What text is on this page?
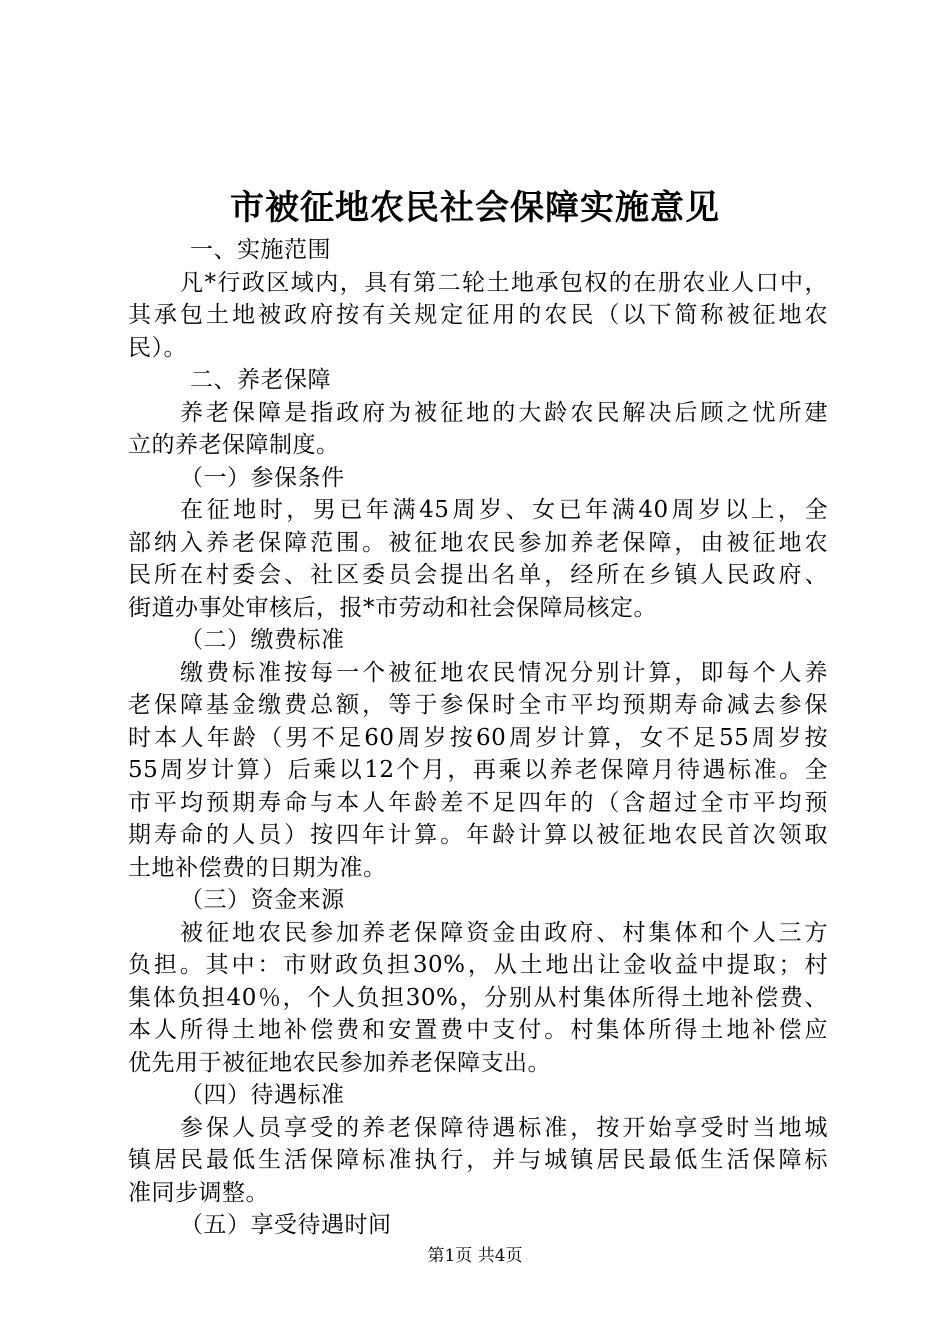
市被征地农民社会保障实施意见
一、实施范围
凡*行政区域内，具有第二轮土地承包权的在册农业人口中，
其承包土地被政府按有关规定征用的农民（以下简称被征地农
民）。
二、养老保障
养老保障是指政府为被征地的大龄农民解决后顾之忧所建
立的养老保障制度。
（一）参保条件
在征地时，男已年满45周岁、女已年满40周岁以上，全
部纳入养老保障范围。被征地农民参加养老保障，由被征地农
民所在村委会、社区委员会提出名单，经所在乡镇人民政府、
街道办事处审核后，报*市劳动和社会保障局核定。
（二）缴费标准
缴费标准按每一个被征地农民情况分别计算，即每个人养
老保障基金缴费总额，等于参保时全市平均预期寿命减去参保
时本人年龄（男不足60周岁按60周岁计算，女不足55周岁按
55周岁计算）后乘以12个月，再乘以养老保障月待遇标准。全
市平均预期寿命与本人年龄差不足四年的（含超过全市平均预
期寿命的人员）按四年计算。年龄计算以被征地农民首次领取
土地补偿费的日期为准。
（三）资金来源
被征地农民参加养老保障资金由政府、村集体和个人三方
负担。其中：市财政负担30%，从土地出让金收益中提取；村
集体负担40％，个人负担30%，分别从村集体所得土地补偿费、
本人所得土地补偿费和安置费中支付。村集体所得土地补偿应
优先用于被征地农民参加养老保障支出。
（四）待遇标准
参保人员享受的养老保障待遇标准，按开始享受时当地城
镇居民最低生活保障标准执行，并与城镇居民最低生活保障标
准同步调整。
（五）享受待遇时间
第1页 共4页
